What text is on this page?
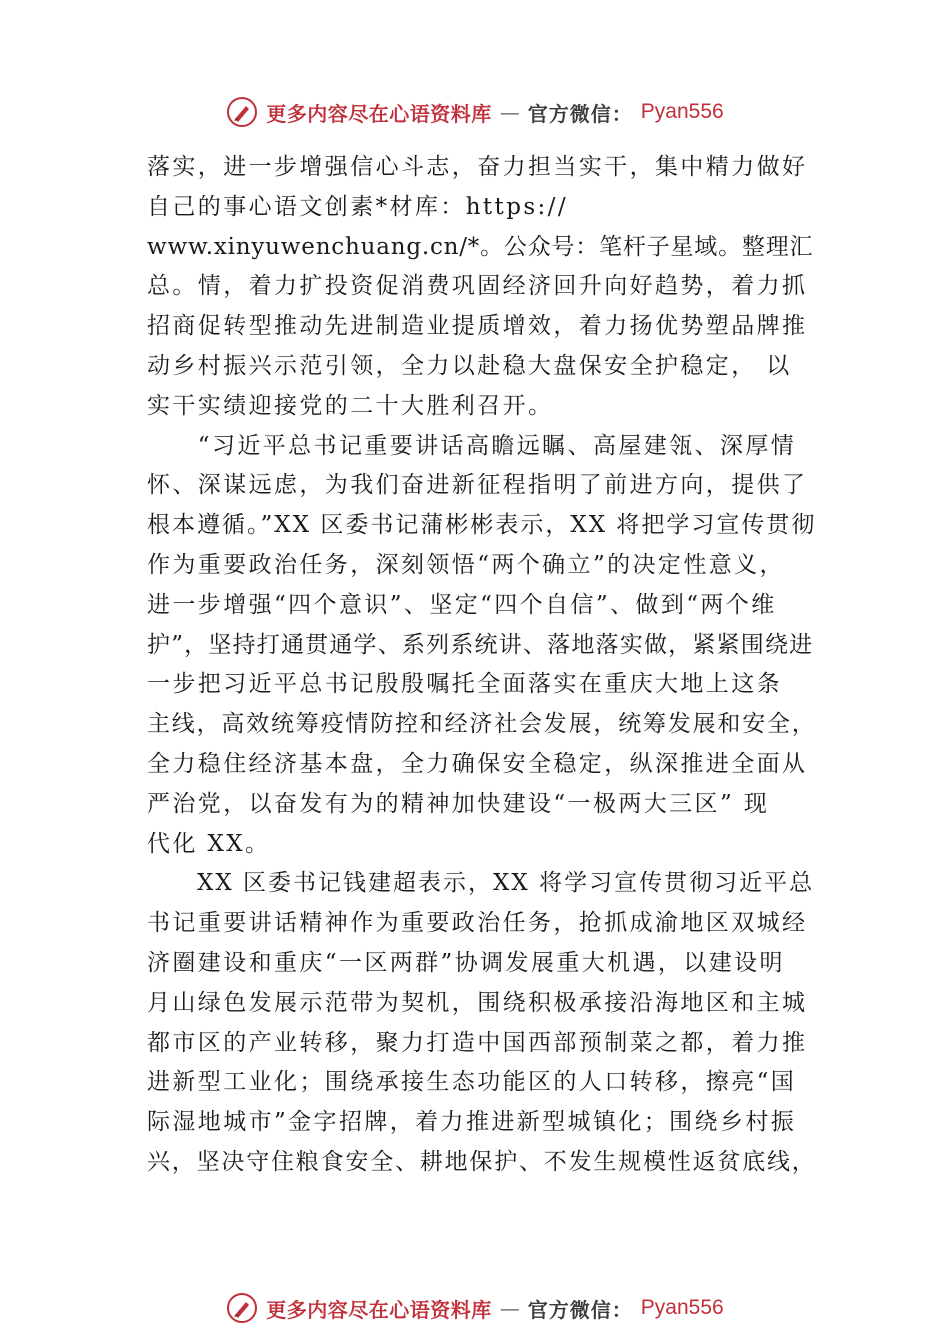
更多内容尽在心语资料库 — 官方微信： Pyan556
落实，进一步增强信心斗志，奋力担当实干，集中精力做好
自己的事心语文创素*材库：https://
www.xinyuwenchuang.cn/*。公众号：笔杆子星域。整理汇
总。情，着力扩投资促消费巩固经济回升向好趋势，着力抓
招商促转型推动先进制造业提质增效，着力扬优势塑品牌推
动乡村振兴示范引领，全力以赴稳大盘保安全护稳定， 以
实干实绩迎接党的二十大胜利召开。
　　“习近平总书记重要讲话高瞻远瞩、高屋建瓴、深厚情
怀、深谋远虑，为我们奋进新征程指明了前进方向，提供了
根本遵循。”XX 区委书记蒲彬彬表示，XX 将把学习宣传贯彻
作为重要政治任务，深刻领悟“两个确立”的决定性意义，
进一步增强“四个意识”、坚定“四个自信”、做到“两个维
护”，坚持打通贯通学、系列系统讲、落地落实做，紧紧围绕进
一步把习近平总书记殷殷嘱托全面落实在重庆大地上这条
主线，高效统筹疫情防控和经济社会发展，统筹发展和安全，
全力稳住经济基本盘，全力确保安全稳定，纵深推进全面从
严治党，以奋发有为的精神加快建设“一极两大三区” 现
代化 XX。
　　XX 区委书记钱建超表示，XX 将学习宣传贯彻习近平总
书记重要讲话精神作为重要政治任务，抢抓成渝地区双城经
济圈建设和重庆“一区两群”协调发展重大机遇，以建设明
月山绿色发展示范带为契机，围绕积极承接沿海地区和主城
都市区的产业转移，聚力打造中国西部预制菜之都，着力推
进新型工业化；围绕承接生态功能区的人口转移，擦亮“国
际湿地城市”金字招牌，着力推进新型城镇化；围绕乡村振
兴，坚决守住粮食安全、耕地保护、不发生规模性返贫底线，
更多内容尽在心语资料库 — 官方微信： Pyan556
